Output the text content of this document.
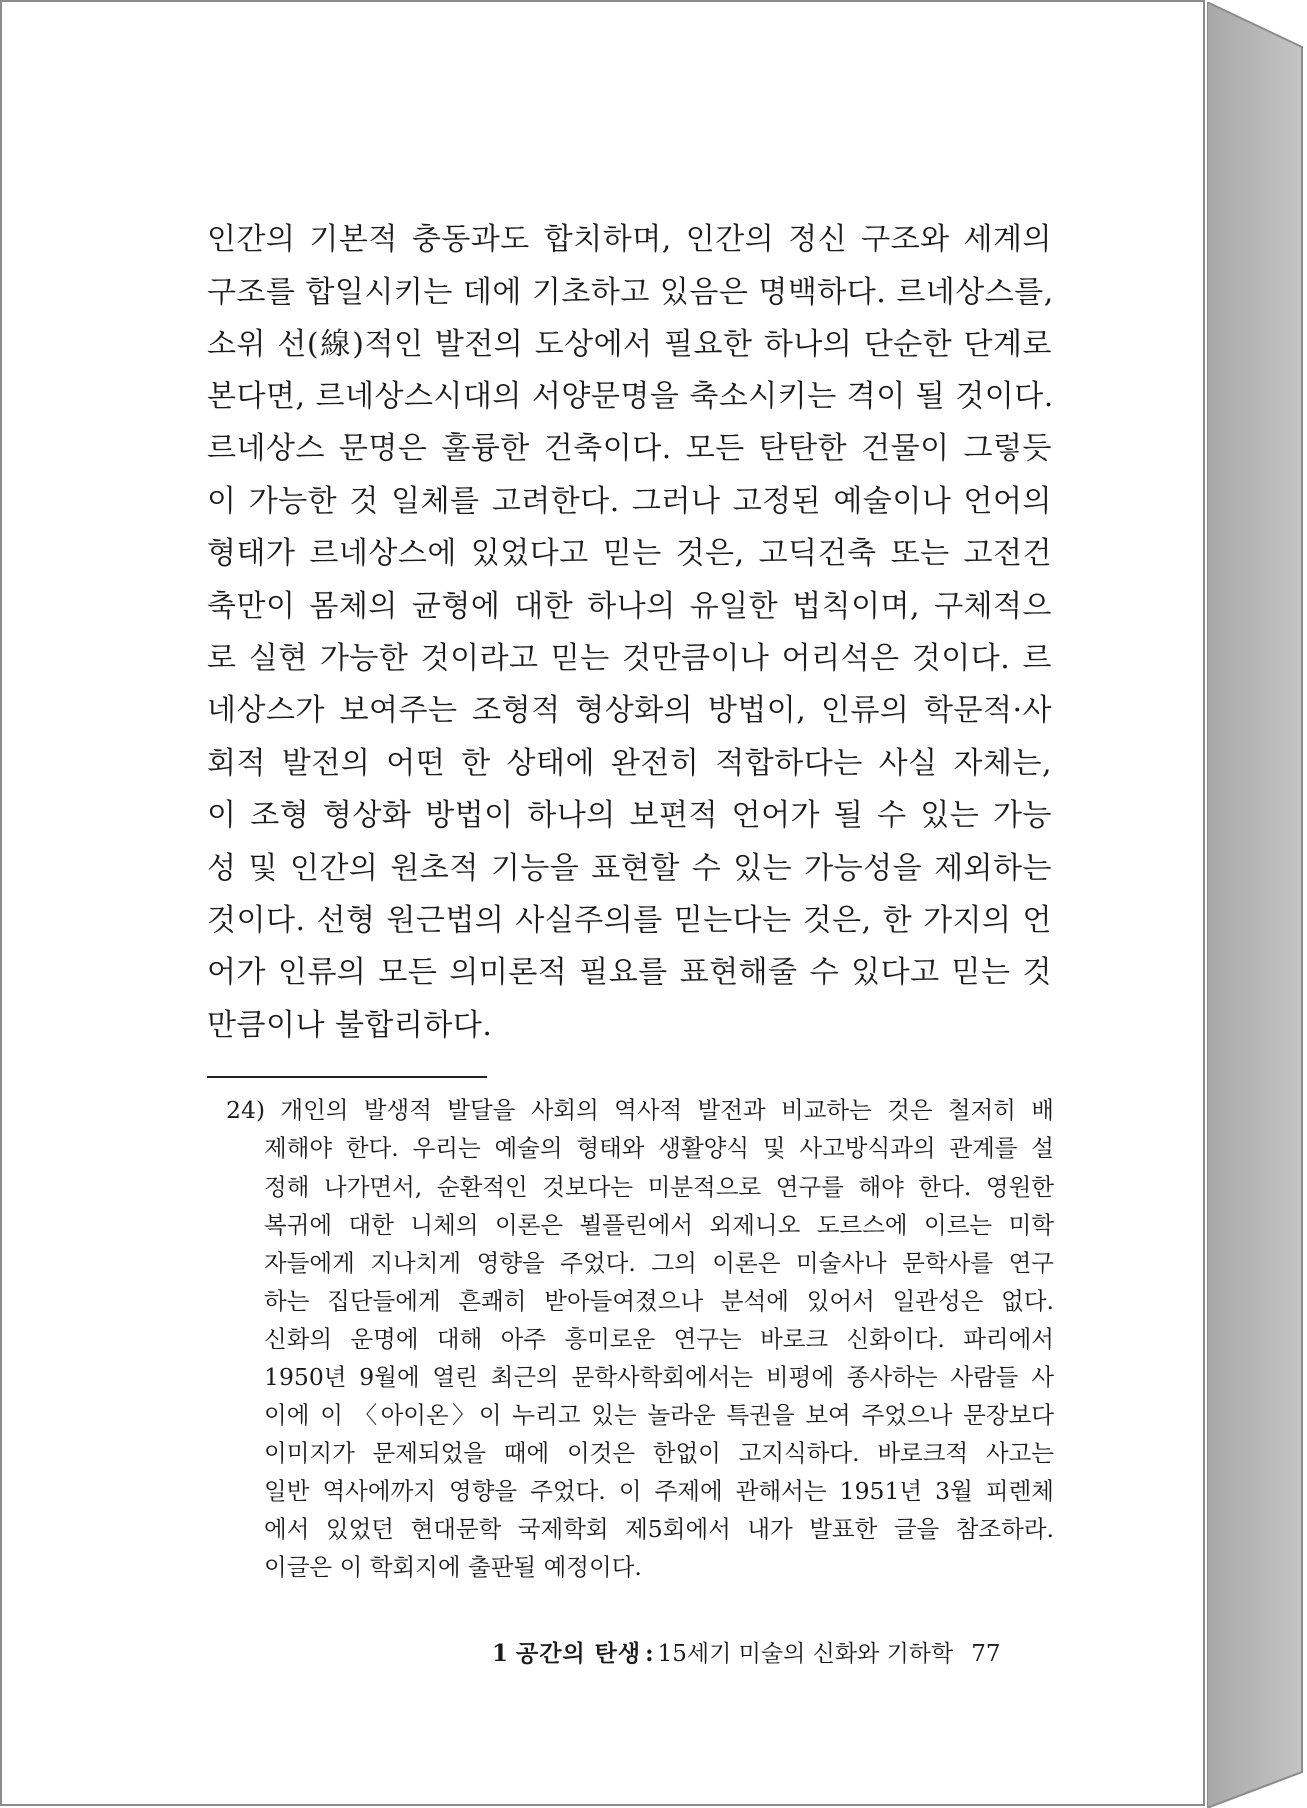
인간의 기본적 충동과도 합치하며, 인간의 정신 구조와 세계의

구조를 합일시키는 데에 기초하고 있음은 명백하다. 르네상스를,

소위 선(線)적인 발전의 도상에서 필요한 하나의 단순한 단계로

본다면, 르네상스시대의 서양문명을 축소시키는 격이 될 것이다.

르네상스 문명은 훌륭한 건축이다. 모든 탄탄한 건물이 그렇듯

이 가능한 것 일체를 고려한다. 그러나 고정된 예술이나 언어의

형태가 르네상스에 있었다고 믿는 것은, 고딕건축 또는 고전건

축만이 몸체의 균형에 대한 하나의 유일한 법칙이며, 구체적으

로 실현 가능한 것이라고 믿는 것만큼이나 어리석은 것이다. 르

네상스가 보여주는 조형적 형상화의 방법이, 인류의 학문적·사

회적 발전의 어떤 한 상태에 완전히 적합하다는 사실 자체는,

이 조형 형상화 방법이 하나의 보편적 언어가 될 수 있는 가능

성 및 인간의 원초적 기능을 표현할 수 있는 가능성을 제외하는

것이다. 선형 원근법의 사실주의를 믿는다는 것은, 한 가지의 언

어가 인류의 모든 의미론적 필요를 표현해줄 수 있다고 믿는 것

만큼이나 불합리하다.

24) 개인의 발생적 발달을 사회의 역사적 발전과 비교하는 것은 철저히 배

제해야 한다. 우리는 예술의 형태와 생활양식 및 사고방식과의 관계를 설

정해 나가면서, 순환적인 것보다는 미분적으로 연구를 해야 한다. 영원한

복귀에 대한 니체의 이론은 뵐플린에서 외제니오 도르스에 이르는 미학

자들에게 지나치게 영향을 주었다. 그의 이론은 미술사나 문학사를 연구

하는 집단들에게 흔쾌히 받아들여졌으나 분석에 있어서 일관성은 없다.

신화의 운명에 대해 아주 흥미로운 연구는 바로크 신화이다. 파리에서

1950년 9월에 열린 최근의 문학사학회에서는 비평에 종사하는 사람들 사

이에 이 〈아이온〉이 누리고 있는 놀라운 특권을 보여 주었으나 문장보다

이미지가 문제되었을 때에 이것은 한없이 고지식하다. 바로크적 사고는

일반 역사에까지 영향을 주었다. 이 주제에 관해서는 1951년 3월 피렌체

에서 있었던 현대문학 국제학회 제5회에서 내가 발표한 글을 참조하라.

이글은 이 학회지에 출판될 예정이다.

1 공간의 탄생 : 15세기 미술의 신화와 기하학 77
